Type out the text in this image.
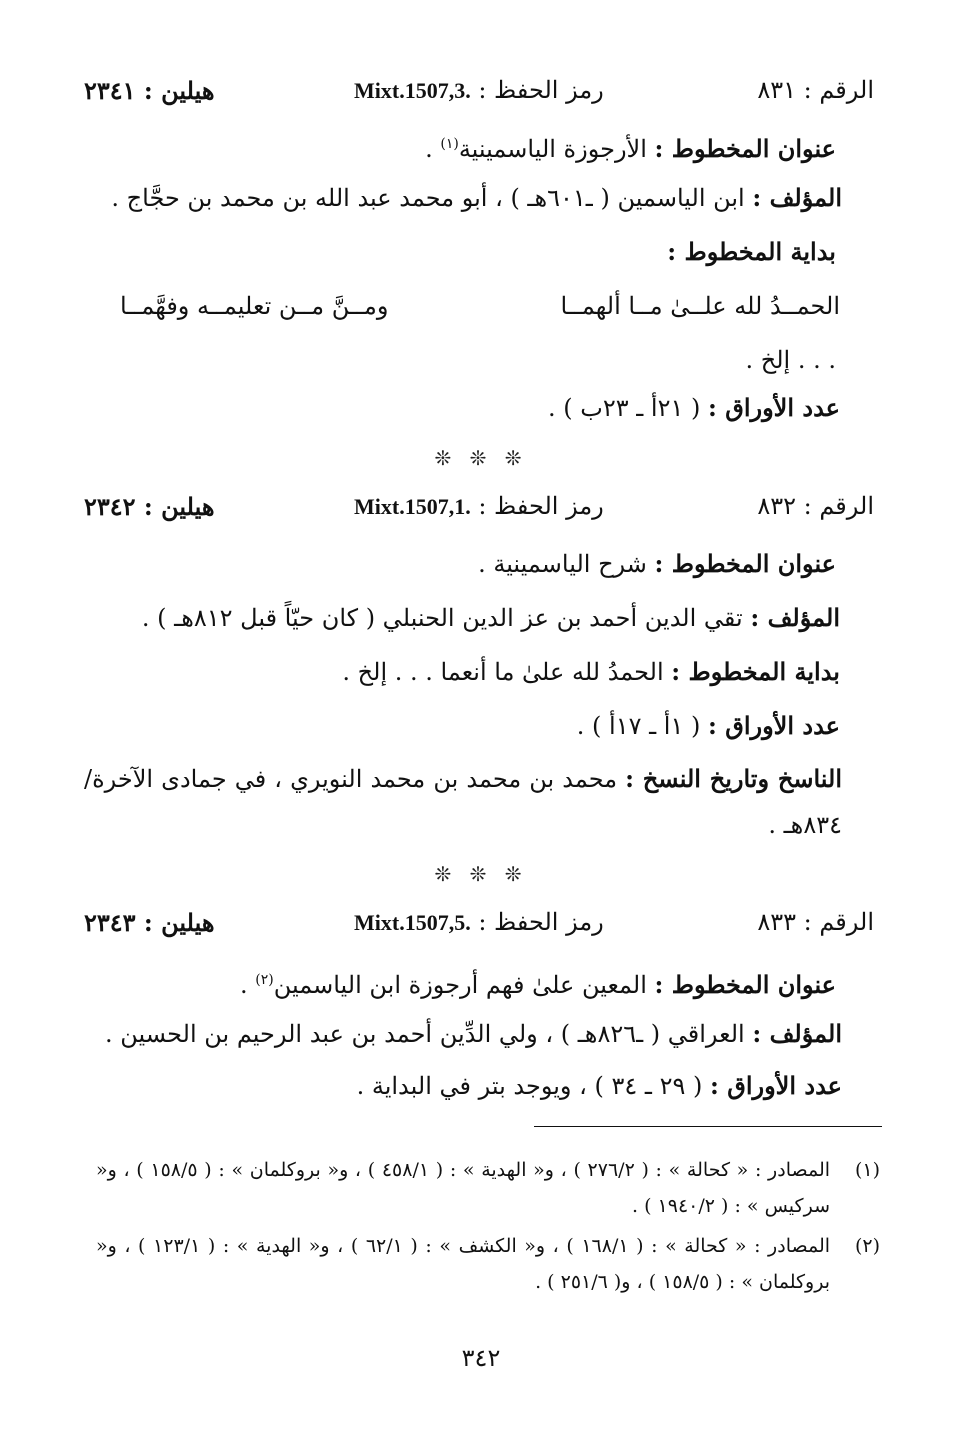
الرقم : ٨٣١
رمز الحفظ : Mixt.1507,3.
هيلين : ٢٣٤١
عنوان المخطوط : الأرجوزة الياسمينية$^{(١)}$ .
المؤلف : ابن الياسمين ( ـ٦٠١هـ ) ، أبو محمد عبد الله بن محمد بن حجَّاج .
بداية المخطوط :
الحمــدُ لله علــىٰ مــا ألهمــا
ومــنَّ مــن تعليمــه وفهَّمــا
. . . إلخ .
عدد الأوراق : ( ٢١أ ـ ٢٣ب ) .
❊ ❊ ❊
الرقم : ٨٣٢
رمز الحفظ : Mixt.1507,1.
هيلين : ٢٣٤٢
عنوان المخطوط : شرح الياسمينية .
المؤلف : تقي الدين أحمد بن عز الدين الحنبلي ( كان حيّاً قبل ٨١٢هـ ) .
بداية المخطوط : الحمدُ لله علىٰ ما أنعما . . . إلخ .
عدد الأوراق : ( ١أ ـ ١٧أ ) .
الناسخ وتاريخ النسخ : محمد بن محمد بن محمد النويري ، في جمادى الآخرة/ ٨٣٤هـ .
❊ ❊ ❊
الرقم : ٨٣٣
رمز الحفظ : Mixt.1507,5.
هيلين : ٢٣٤٣
عنوان المخطوط : المعين علىٰ فهم أرجوزة ابن الياسمين$^{(٢)}$ .
المؤلف : العراقي ( ـ٨٢٦هـ ) ، ولي الدِّين أحمد بن عبد الرحيم بن الحسين .
عدد الأوراق : ( ٢٩ ـ ٣٤ ) ، ويوجد بتر في البداية .
(١)
المصادر : « كحالة » : ( ٢٧٦/٢ ) ، و« الهدية » : ( ٤٥٨/١ ) ، و« بروكلمان » : ( ١٥٨/٥ ) ، و« سركيس » : ( ١٩٤٠/٢ ) .
(٢)
المصادر : « كحالة » : ( ١٦٨/١ ) ، و« الكشف » : ( ٦٢/١ ) ، و« الهدية » : ( ١٢٣/١ ) ، و« بروكلمان » : ( ١٥٨/٥ ) ، و( ٢٥١/٦ ) .
٣٤٢
